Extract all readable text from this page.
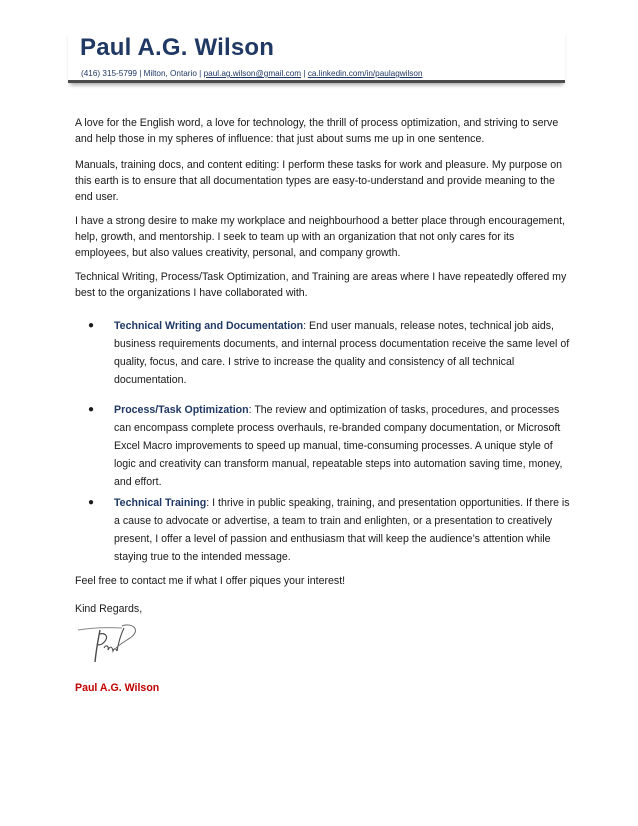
Paul A.G. Wilson
(416) 315-5799 | Milton, Ontario | paul.ag.wilson@gmail.com | ca.linkedin.com/in/paulagwilson

A love for the English word, a love for technology, the thrill of process optimization, and striving to serve and help those in my spheres of influence: that just about sums me up in one sentence.

Manuals, training docs, and content editing: I perform these tasks for work and pleasure. My purpose on this earth is to ensure that all documentation types are easy-to-understand and provide meaning to the end user.

I have a strong desire to make my workplace and neighbourhood a better place through encouragement, help, growth, and mentorship. I seek to team up with an organization that not only cares for its employees, but also values creativity, personal, and company growth.

Technical Writing, Process/Task Optimization, and Training are areas where I have repeatedly offered my best to the organizations I have collaborated with.

● Technical Writing and Documentation: End user manuals, release notes, technical job aids, business requirements documents, and internal process documentation receive the same level of quality, focus, and care. I strive to increase the quality and consistency of all technical documentation.

● Process/Task Optimization: The review and optimization of tasks, procedures, and processes can encompass complete process overhauls, re-branded company documentation, or Microsoft Excel Macro improvements to speed up manual, time-consuming processes. A unique style of logic and creativity can transform manual, repeatable steps into automation saving time, money, and effort.

● Technical Training: I thrive in public speaking, training, and presentation opportunities. If there is a cause to advocate or advertise, a team to train and enlighten, or a presentation to creatively present, I offer a level of passion and enthusiasm that will keep the audience’s attention while staying true to the intended message.

Feel free to contact me if what I offer piques your interest!

Kind Regards,

Paul A.G. Wilson
